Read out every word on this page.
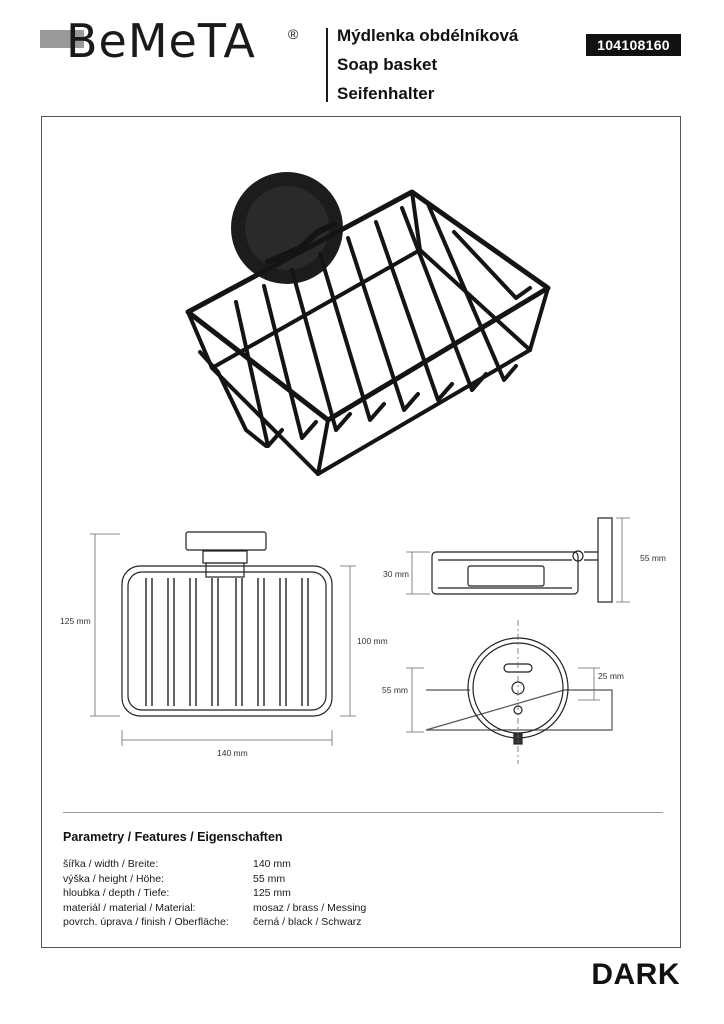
BeMeTA ® Mýdlenka obdélníková
Soap basket
Seifenhalter
104108160
125 mm
100 mm
140 mm
30 mm
55 mm
55 mm
25 mm
Parametry / Features / Eigenschaften
šířka / width / Breite:	140 mm
výška / height / Höhe:	55 mm
hloubka / depth / Tiefe:	125 mm
materiál / material / Material:	mosaz / brass / Messing
povrch. úprava / finish / Oberfläche: černá / black / Schwarz
DARK
